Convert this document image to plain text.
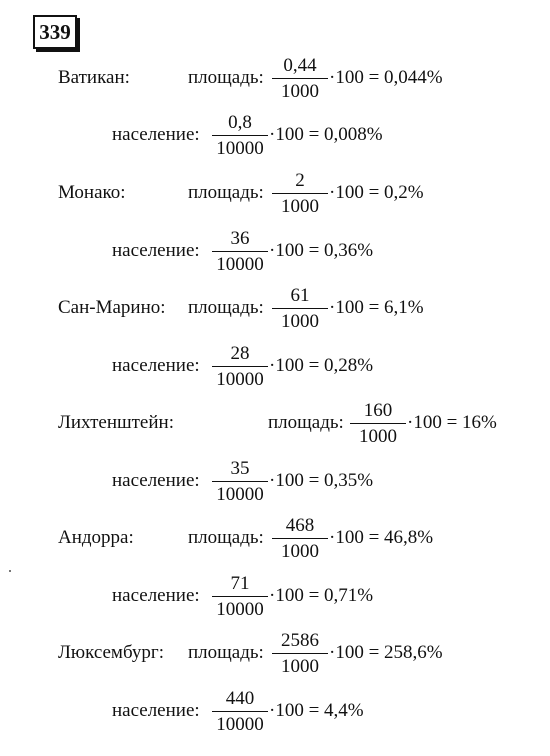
339
Ватикан:	площадь:
0,44
1000
·100 = 0,044%
население:
0,8
10000
·100 = 0,008%
Монако:	площадь:
2
1000
·100 = 0,2%
население:
36
10000
·100 = 0,36%
Сан-Марино: площадь:
61
1000
·100 = 6,1%
население:
28
10000
·100 = 0,28%
Лихтенштейн:	площадь:
160
1000
·100 = 16%
население:
35
10000
·100 = 0,35%
Андорра:	площадь:
468
1000
·100 = 46,8%
население:
71
10000
·100 = 0,71%
Люксембург: площадь:
2586
1000
·100 = 258,6%
население:
440
10000
·100 = 4,4%
